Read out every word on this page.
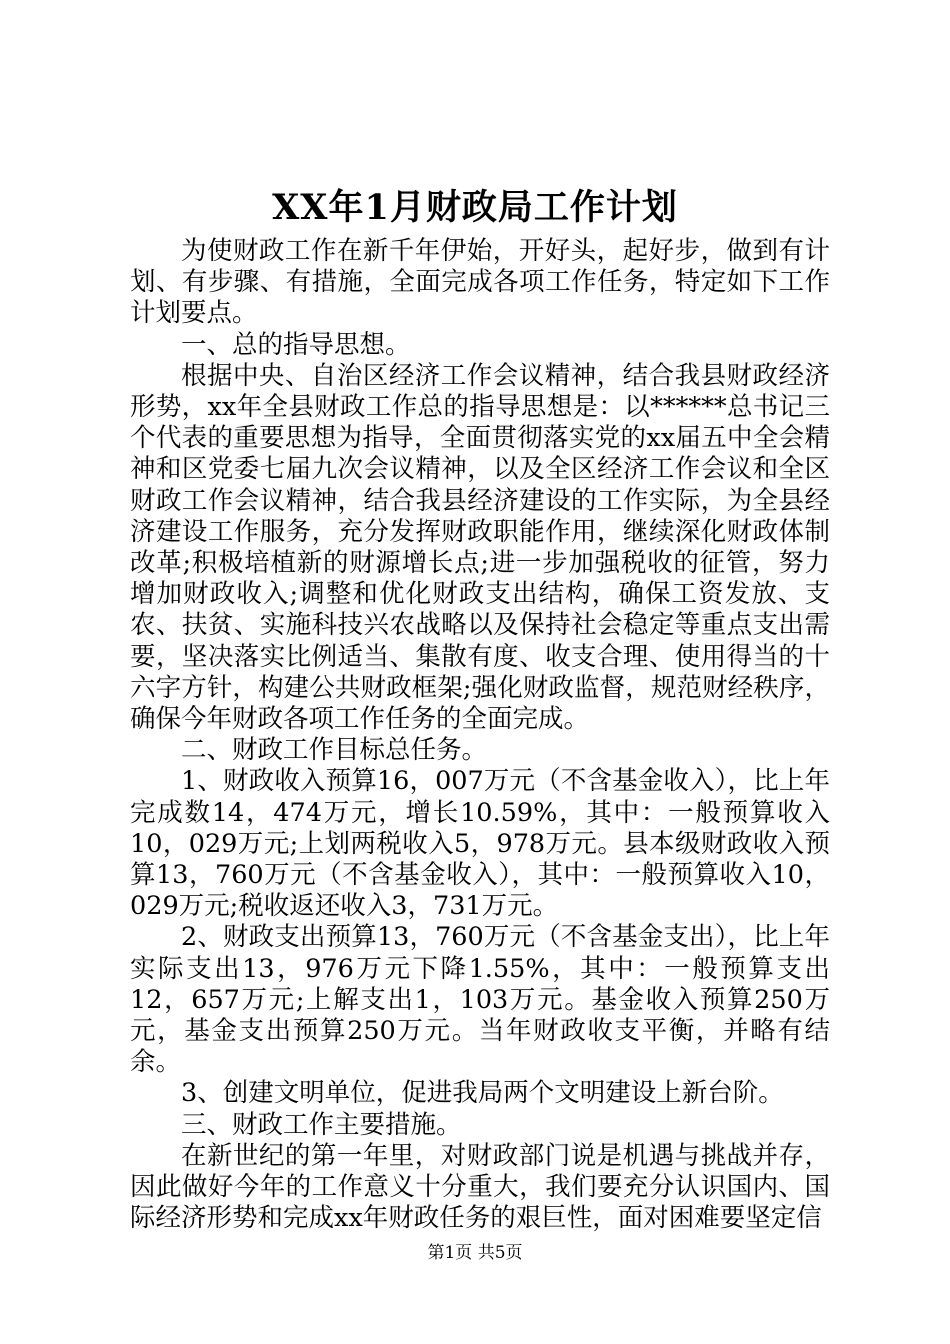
XX年1月财政局工作计划

为使财政工作在新千年伊始，开好头，起好步，做到有计划、有步骤、有措施，全面完成各项工作任务，特定如下工作计划要点。

一、总的指导思想。

根据中央、自治区经济工作会议精神，结合我县财政经济形势，xx年全县财政工作总的指导思想是：以******总书记三个代表的重要思想为指导，全面贯彻落实党的xx届五中全会精神和区党委七届九次会议精神，以及全区经济工作会议和全区财政工作会议精神，结合我县经济建设的工作实际，为全县经济建设工作服务，充分发挥财政职能作用，继续深化财政体制改革;积极培植新的财源增长点;进一步加强税收的征管，努力增加财政收入;调整和优化财政支出结构，确保工资发放、支农、扶贫、实施科技兴农战略以及保持社会稳定等重点支出需要，坚决落实比例适当、集散有度、收支合理、使用得当的十六字方针，构建公共财政框架;强化财政监督，规范财经秩序，确保今年财政各项工作任务的全面完成。

二、财政工作目标总任务。

1、财政收入预算16，007万元（不含基金收入），比上年完成数14，474万元，增长10.59%，其中：一般预算收入10，029万元;上划两税收入5，978万元。县本级财政收入预算13，760万元（不含基金收入），其中：一般预算收入10，029万元;税收返还收入3，731万元。

2、财政支出预算13，760万元（不含基金支出），比上年实际支出13，976万元下降1.55%，其中：一般预算支出12，657万元;上解支出1，103万元。基金收入预算250万元，基金支出预算250万元。当年财政收支平衡，并略有结余。

3、创建文明单位，促进我局两个文明建设上新台阶。

三、财政工作主要措施。

在新世纪的第一年里，对财政部门说是机遇与挑战并存，因此做好今年的工作意义十分重大，我们要充分认识国内、国际经济形势和完成xx年财政任务的艰巨性，面对困难要坚定信

第1页 共5页
